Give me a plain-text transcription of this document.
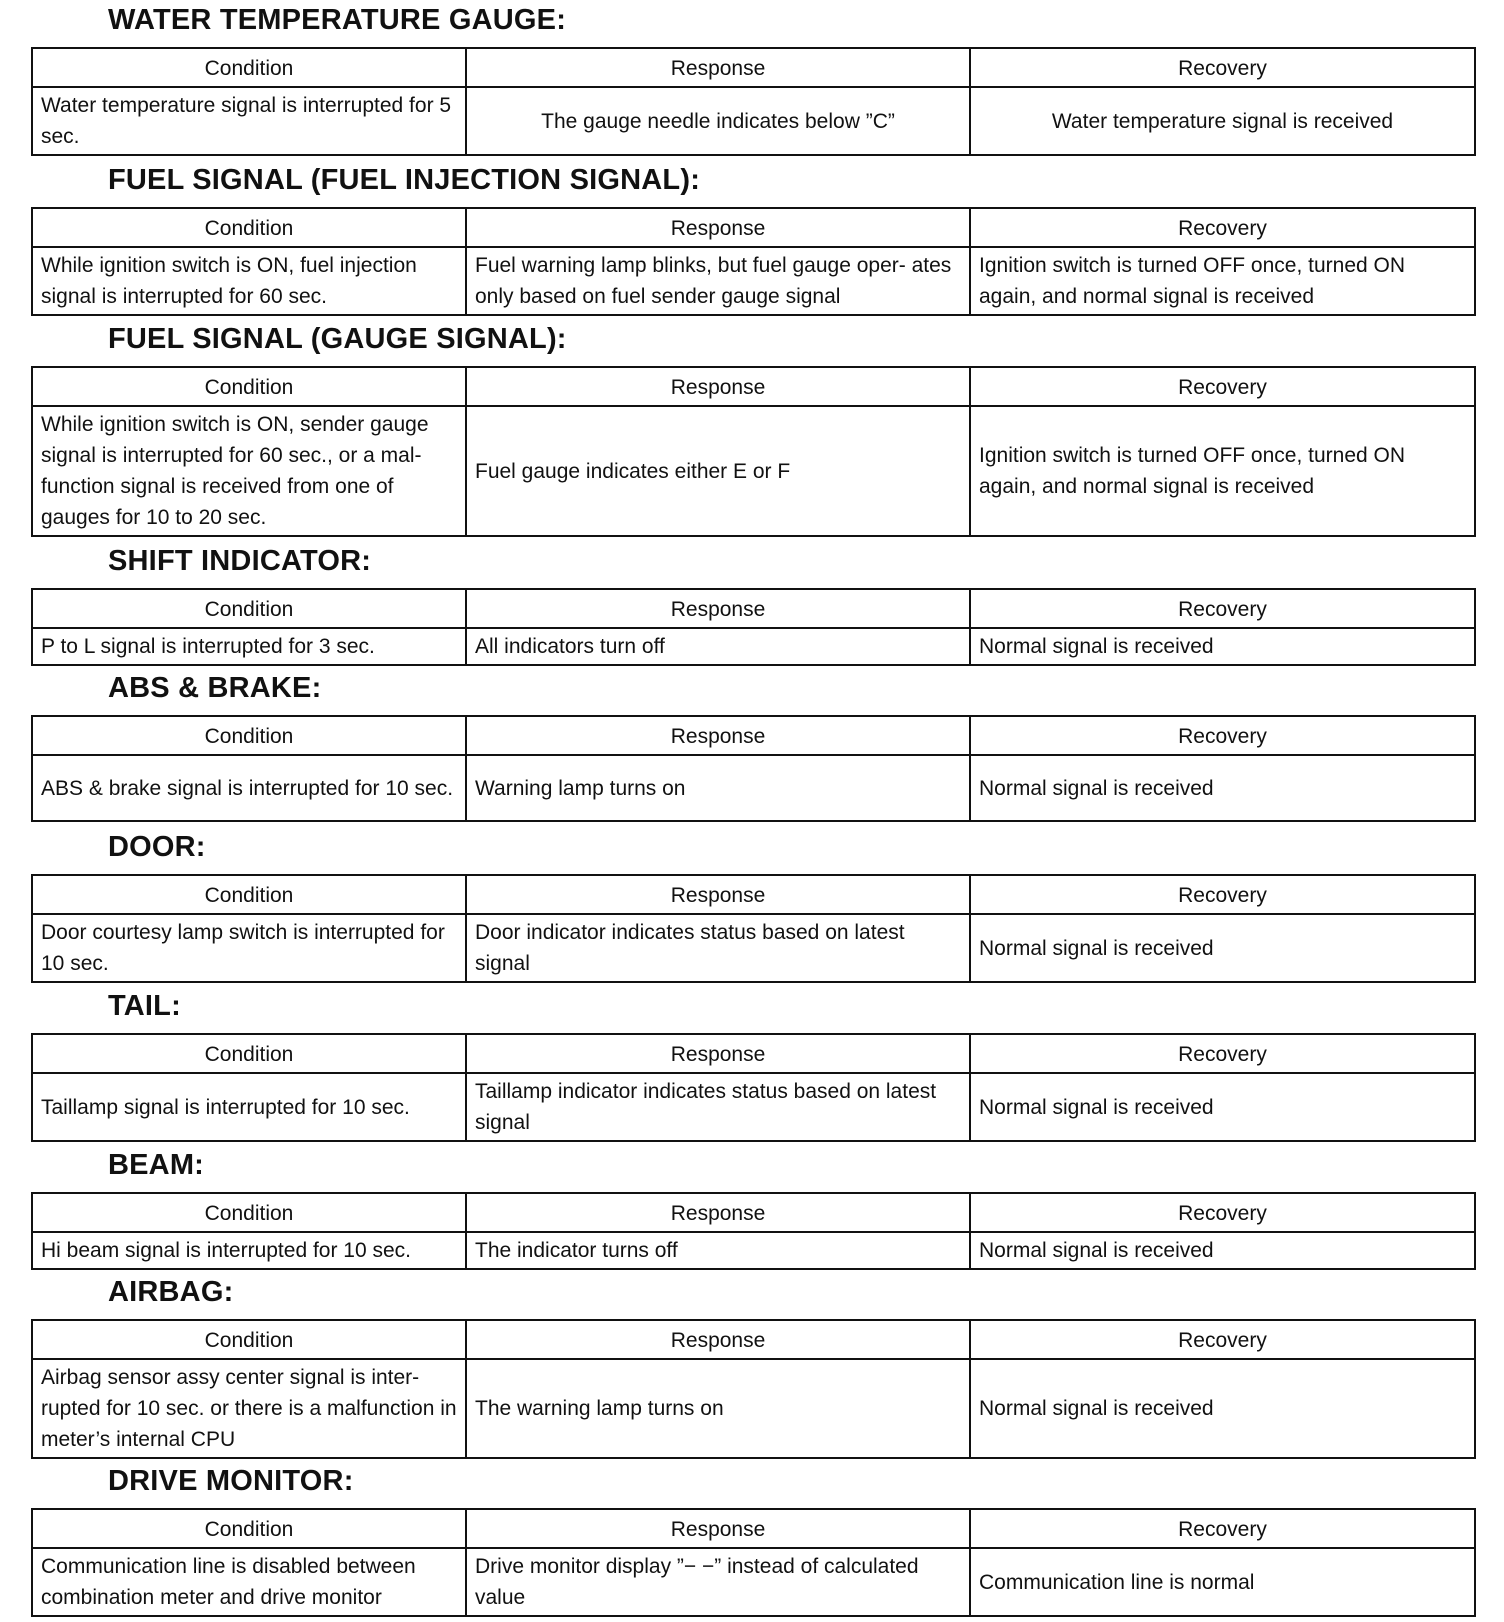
WATER TEMPERATURE GAUGE:
Condition	Response	Recovery
Water temperature signal is interrupted for 5 sec.	The gauge needle indicates below ”C”	Water temperature signal is received
FUEL SIGNAL (FUEL INJECTION SIGNAL):
Condition	Response	Recovery
While ignition switch is ON, fuel injection signal is interrupted for 60 sec.	Fuel warning lamp blinks, but fuel gauge oper- ates only based on fuel sender gauge signal	Ignition switch is turned OFF once, turned ON again, and normal signal is received
FUEL SIGNAL (GAUGE SIGNAL):
Condition	Response	Recovery
While ignition switch is ON, sender gauge signal is interrupted for 60 sec., or a mal- function signal is received from one of gauges for 10 to 20 sec.	Fuel gauge indicates either E or F	Ignition switch is turned OFF once, turned ON again, and normal signal is received
SHIFT INDICATOR:
Condition	Response	Recovery
P to L signal is interrupted for 3 sec.	All indicators turn off	Normal signal is received
ABS & BRAKE:
Condition	Response	Recovery
ABS & brake signal is interrupted for 10 sec.	Warning lamp turns on	Normal signal is received
DOOR:
Condition	Response	Recovery
Door courtesy lamp switch is interrupted for 10 sec.	Door indicator indicates status based on latest signal	Normal signal is received
TAIL:
Condition	Response	Recovery
Taillamp signal is interrupted for 10 sec.	Taillamp indicator indicates status based on latest signal	Normal signal is received
BEAM:
Condition	Response	Recovery
Hi beam signal is interrupted for 10 sec.	The indicator turns off	Normal signal is received
AIRBAG:
Condition	Response	Recovery
Airbag sensor assy center signal is inter- rupted for 10 sec. or there is a malfunction in meter’s internal CPU	The warning lamp turns on	Normal signal is received
DRIVE MONITOR:
Condition	Response	Recovery
Communication line is disabled between combination meter and drive monitor	Drive monitor display ”− −” instead of calculated value	Communication line is normal
